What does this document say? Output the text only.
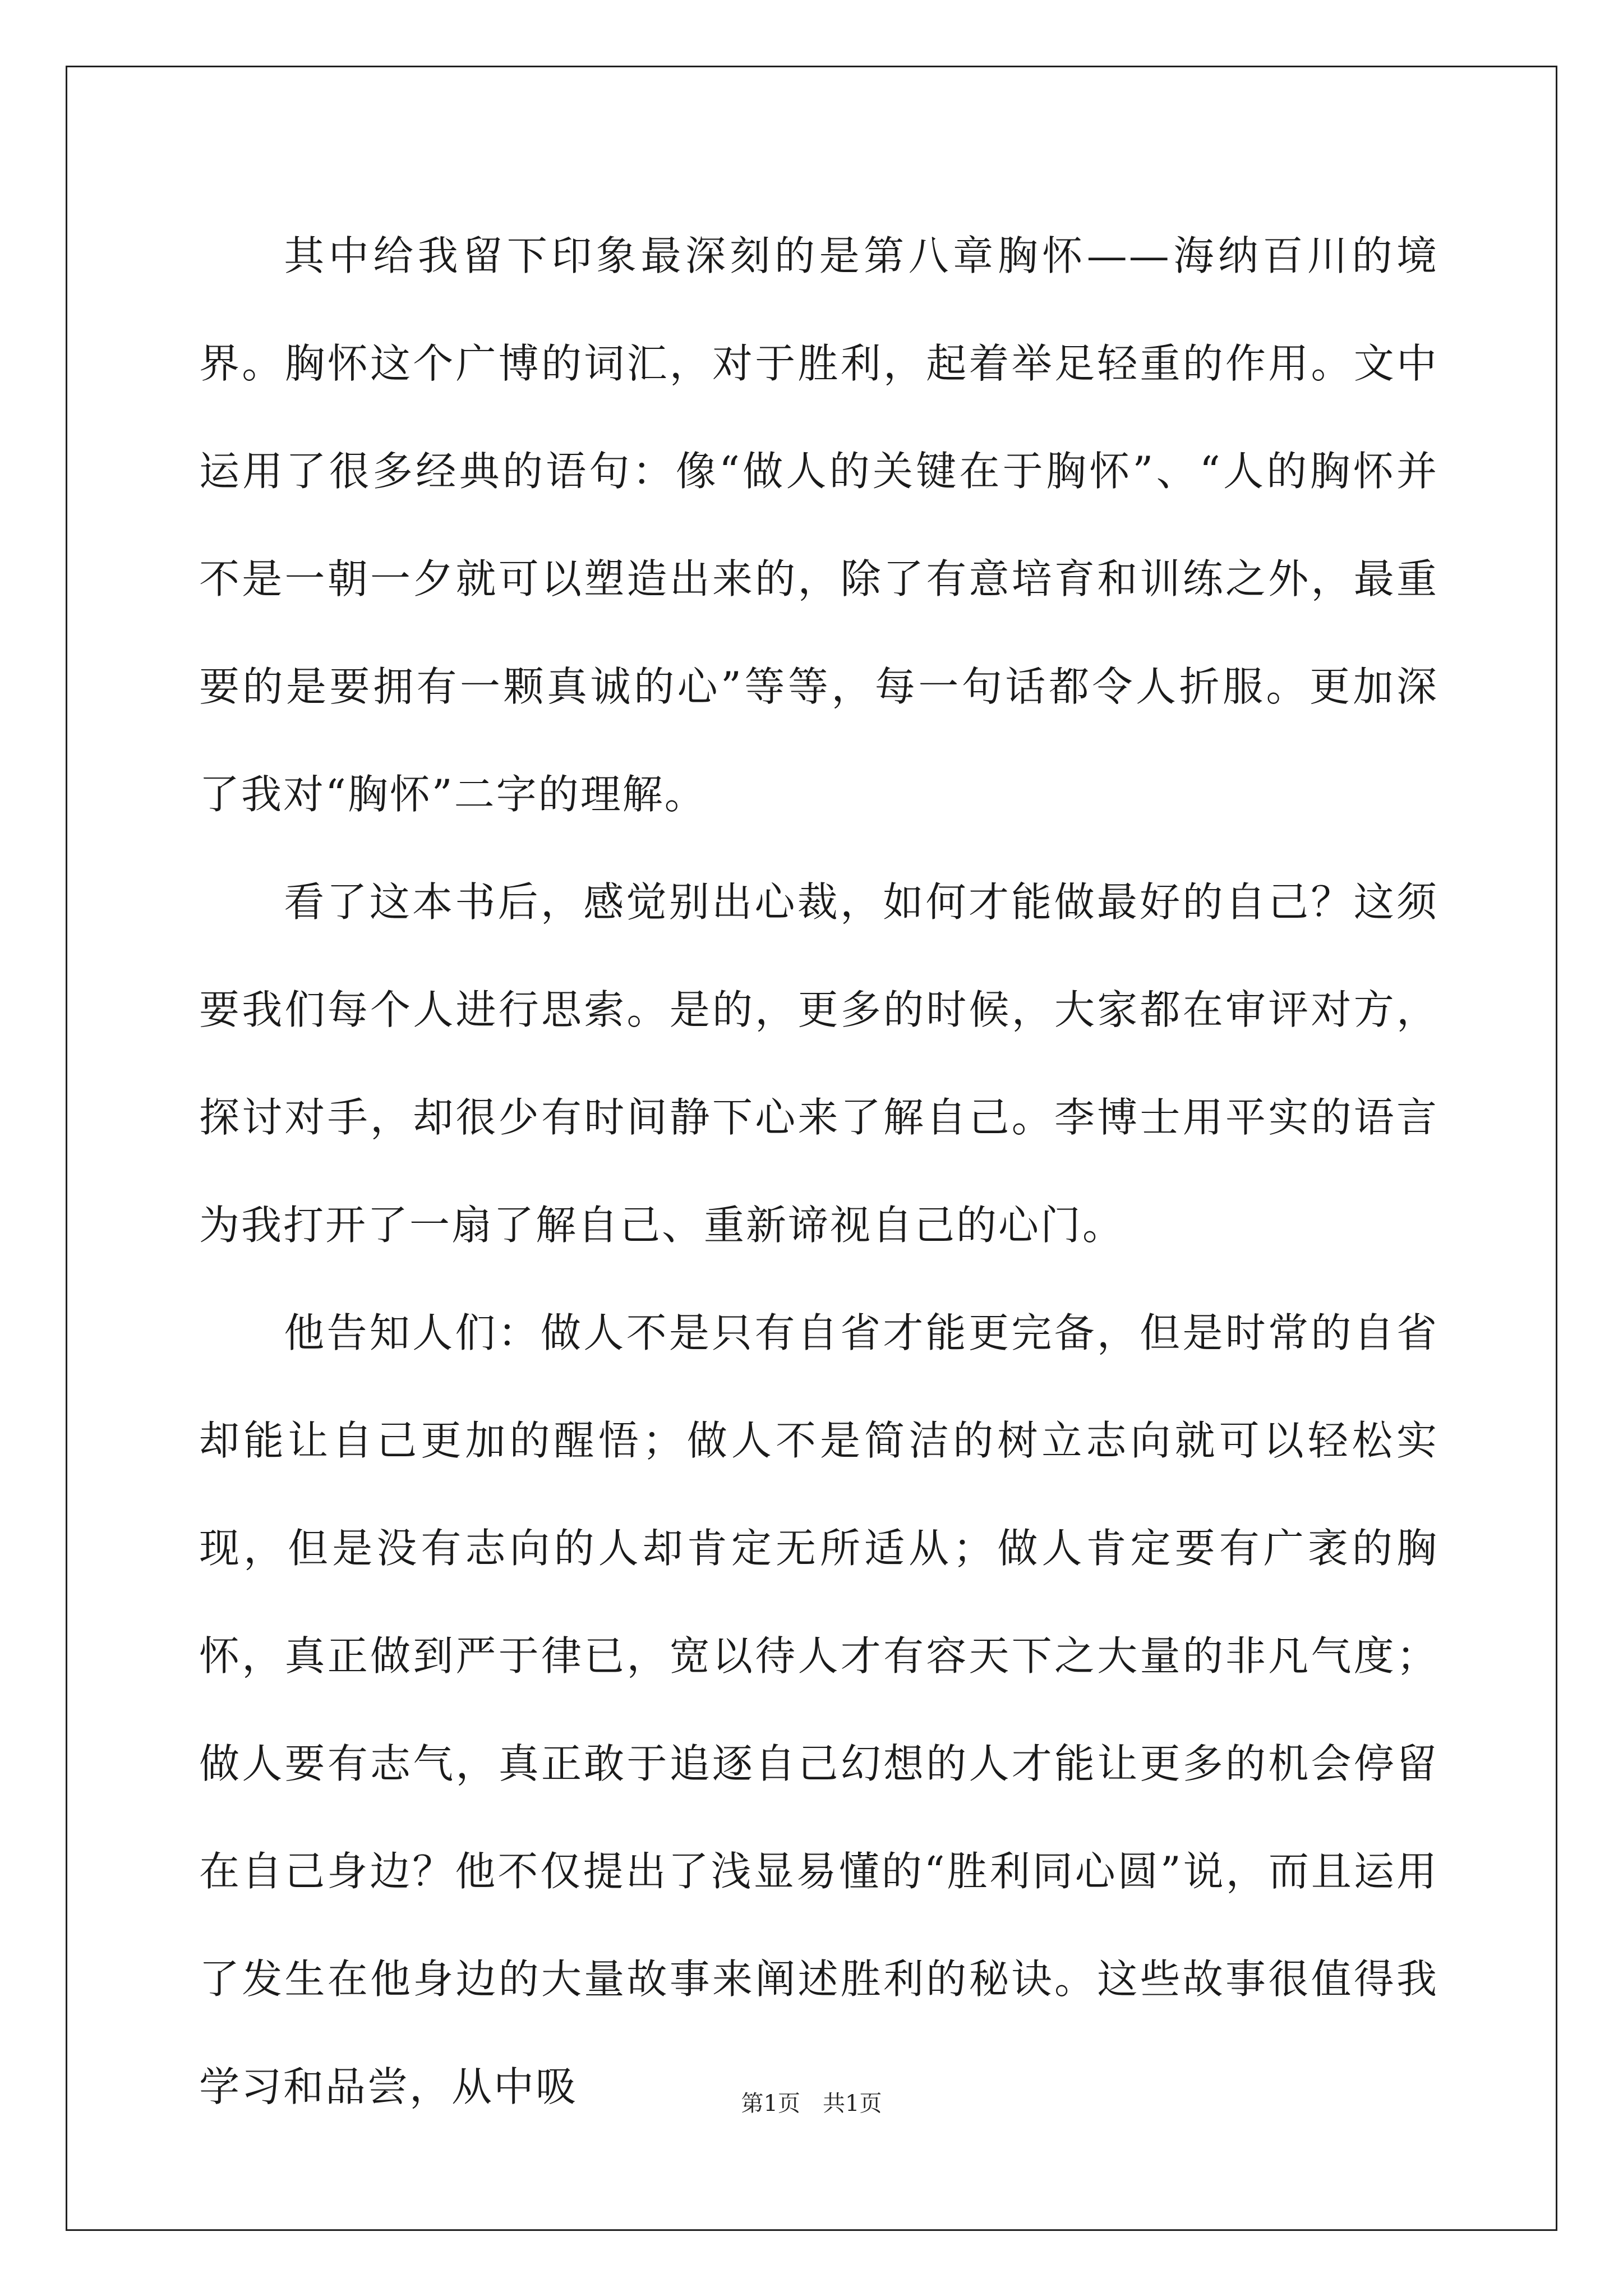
其中给我留下印象最深刻的是第八章胸怀——海纳百川的境界。胸怀这个广博的词汇，对于胜利，起着举足轻重的作用。文中运用了很多经典的语句：像“做人的关键在于胸怀”、“人的胸怀并不是一朝一夕就可以塑造出来的，除了有意培育和训练之外，最重要的是要拥有一颗真诚的心”等等，每一句话都令人折服。更加深了我对“胸怀”二字的理解。

看了这本书后，感觉别出心裁，如何才能做最好的自己？这须要我们每个人进行思索。是的，更多的时候，大家都在审评对方，探讨对手，却很少有时间静下心来了解自己。李博士用平实的语言为我打开了一扇了解自己、重新谛视自己的心门。

他告知人们：做人不是只有自省才能更完备，但是时常的自省却能让自己更加的醒悟；做人不是简洁的树立志向就可以轻松实现，但是没有志向的人却肯定无所适从；做人肯定要有广袤的胸怀，真正做到严于律已，宽以待人才有容天下之大量的非凡气度；做人要有志气，真正敢于追逐自己幻想的人才能让更多的机会停留在自己身边？他不仅提出了浅显易懂的“胜利同心圆”说，而且运用了发生在他身边的大量故事来阐述胜利的秘诀。这些故事很值得我学习和品尝，从中吸	第1页 共1页
